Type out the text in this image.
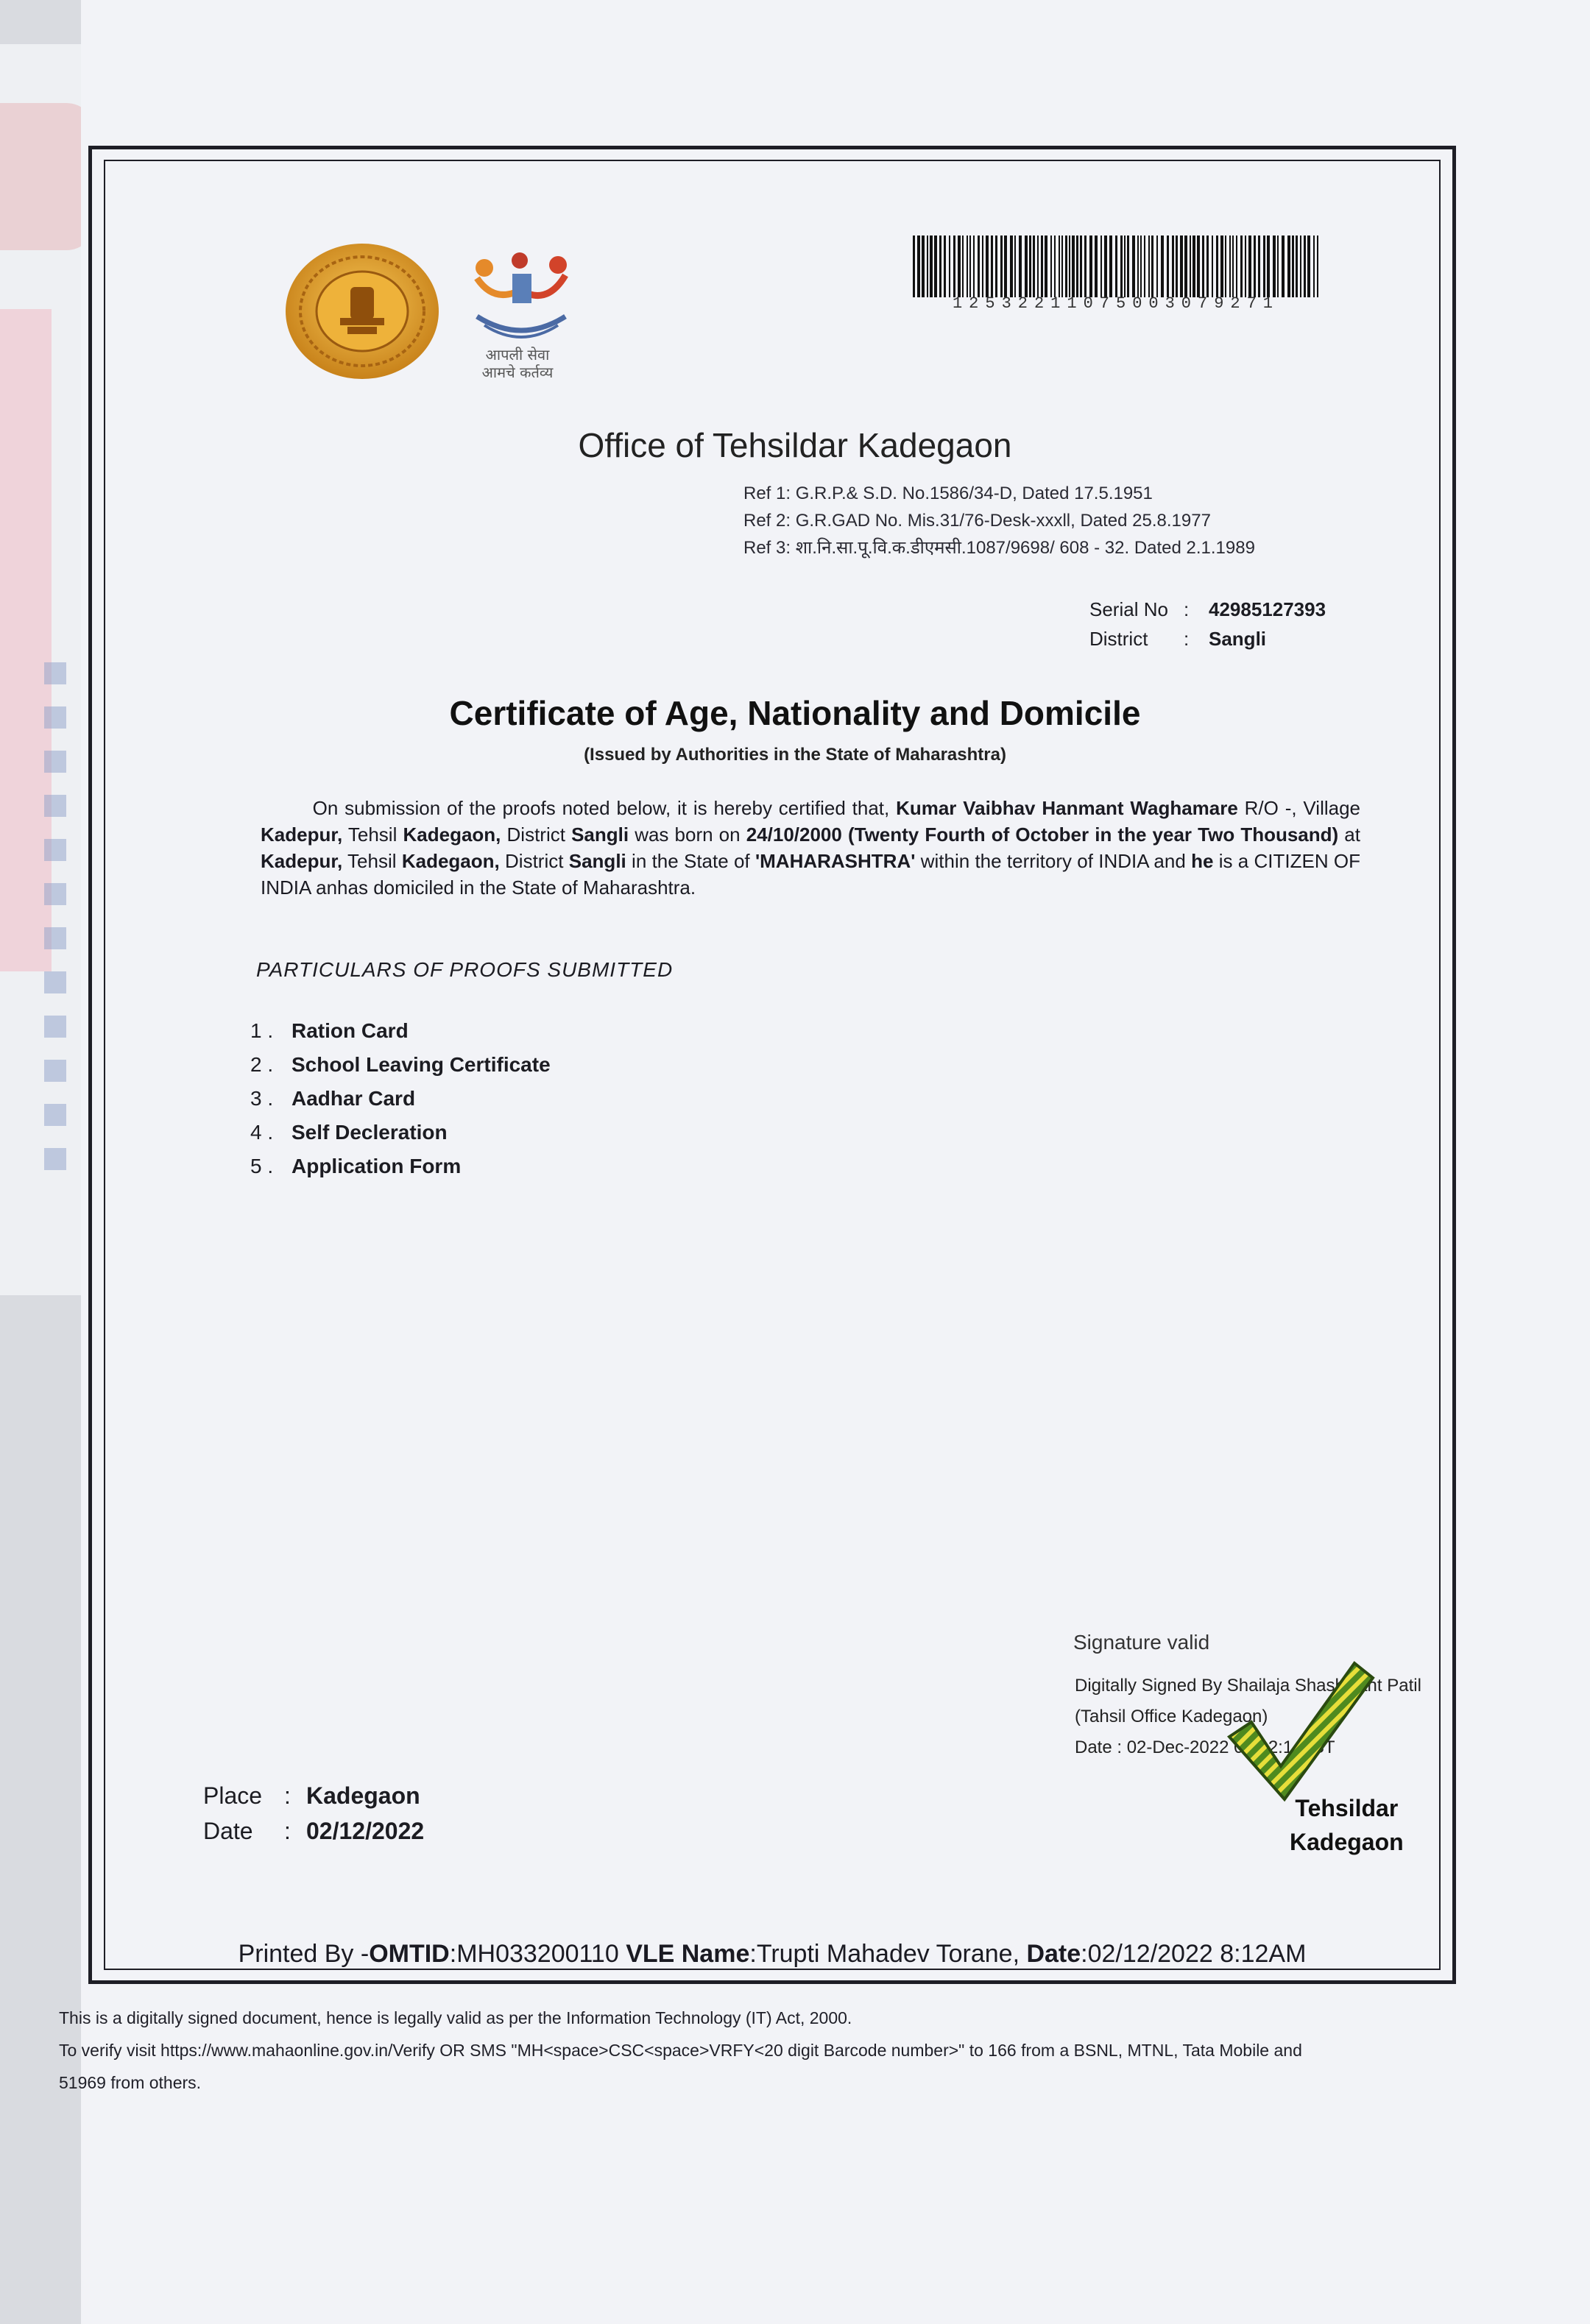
आपली सेवा
आमचे कर्तव्य
12532211075003079271
Office of Tehsildar Kadegaon
Ref 1: G.R.P.& S.D. No.1586/34-D, Dated 17.5.1951
Ref 2: G.R.GAD No. Mis.31/76-Desk-xxxll, Dated 25.8.1977
Ref 3: शा.नि.सा.पू.वि.क.डीएमसी.1087/9698/ 608 - 32. Dated 2.1.1989
Serial No	:	42985127393
District	:	Sangli
Certificate of Age, Nationality and Domicile
(Issued by Authorities in the State of Maharashtra)
On submission of the proofs noted below, it is hereby certified that, Kumar Vaibhav Hanmant Waghamare R/O -, Village Kadepur, Tehsil Kadegaon, District Sangli was born on 24/10/2000 (Twenty Fourth of October in the year Two Thousand) at Kadepur, Tehsil Kadegaon, District Sangli in the State of 'MAHARASHTRA' within the territory of INDIA and he is a CITIZEN OF INDIA anhas domiciled in the State of Maharashtra.
PARTICULARS OF PROOFS SUBMITTED
1 . Ration Card
2 . School Leaving Certificate
3 . Aadhar Card
4 . Self Decleration
5 . Application Form
Signature valid
Digitally Signed By Shailaja Shashikant Patil
(Tahsil Office Kadegaon)
Date : 02-Dec-2022 08:12:14 IST
Tehsildar
Kadegaon
Place	:	Kadegaon
Date	:	02/12/2022
Printed By -OMTID:MH033200110 VLE Name:Trupti Mahadev Torane, Date:02/12/2022 8:12AM
This is a digitally signed document, hence is legally valid as per the Information Technology (IT) Act, 2000.
To verify visit https://www.mahaonline.gov.in/Verify OR SMS "MH<space>CSC<space>VRFY<20 digit Barcode number>" to 166 from a BSNL, MTNL, Tata Mobile and
51969 from others.
